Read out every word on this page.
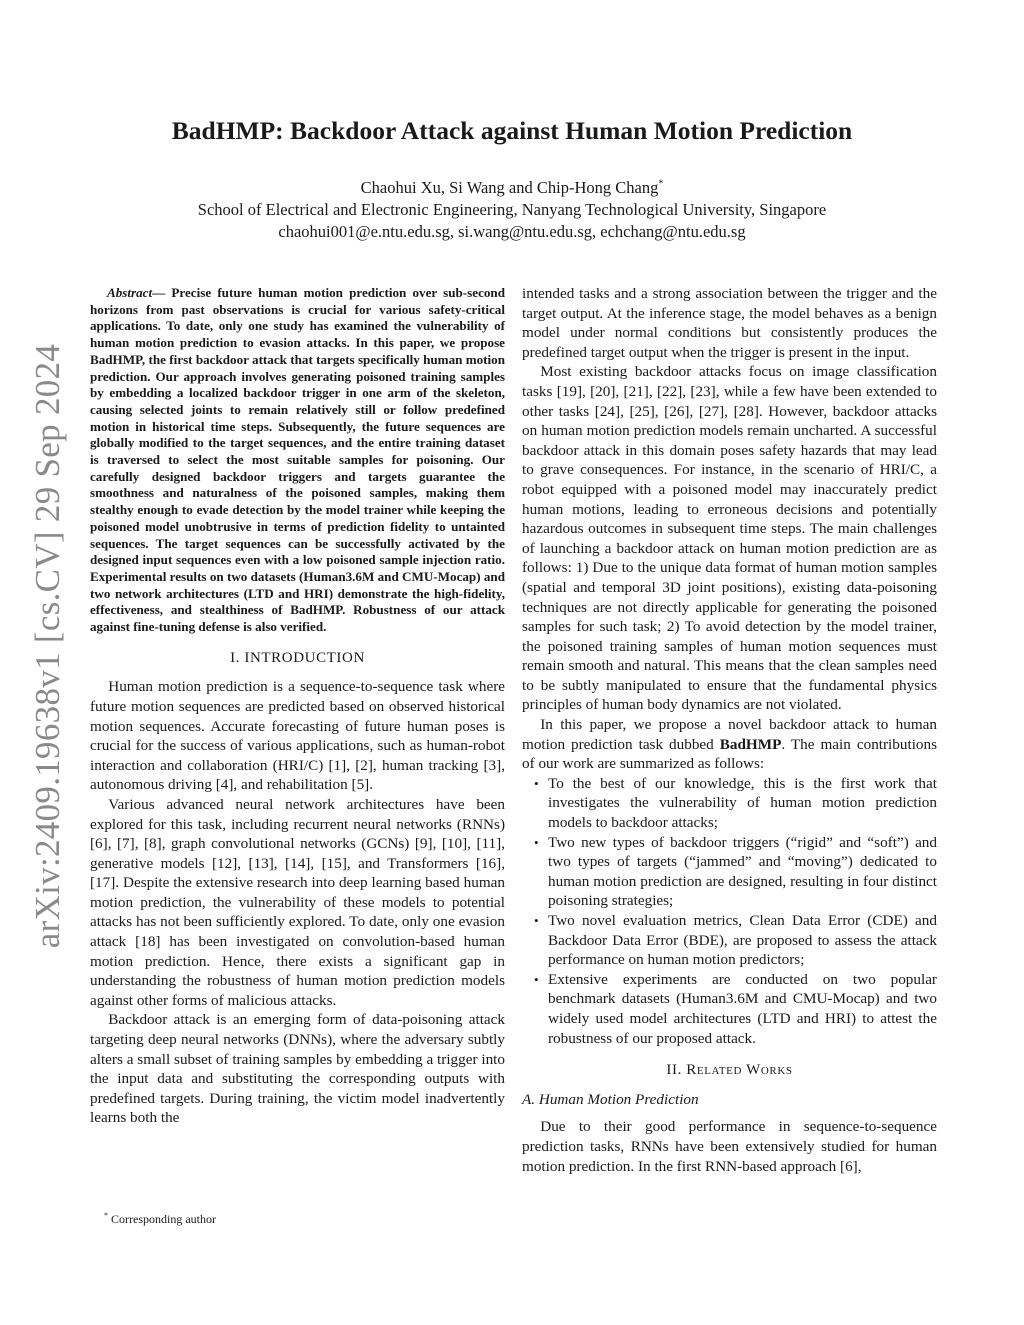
arXiv:2409.19638v1 [cs.CV] 29 Sep 2024
BadHMP: Backdoor Attack against Human Motion Prediction
Chaohui Xu, Si Wang and Chip-Hong Chang*
School of Electrical and Electronic Engineering, Nanyang Technological University, Singapore
chaohui001@e.ntu.edu.sg, si.wang@ntu.edu.sg, echchang@ntu.edu.sg

Abstract— Precise future human motion prediction over sub-second horizons from past observations is crucial for various safety-critical applications. To date, only one study has examined the vulnerability of human motion prediction to evasion attacks. In this paper, we propose BadHMP, the first backdoor attack that targets specifically human motion prediction. Our approach involves generating poisoned training samples by embedding a localized backdoor trigger in one arm of the skeleton, causing selected joints to remain relatively still or follow predefined motion in historical time steps. Subsequently, the future sequences are globally modified to the target sequences, and the entire training dataset is traversed to select the most suitable samples for poisoning. Our carefully designed backdoor triggers and targets guarantee the smoothness and naturalness of the poisoned samples, making them stealthy enough to evade detection by the model trainer while keeping the poisoned model unobtrusive in terms of prediction fidelity to untainted sequences. The target sequences can be successfully activated by the designed input sequences even with a low poisoned sample injection ratio. Experimental results on two datasets (Human3.6M and CMU-Mocap) and two network architectures (LTD and HRI) demonstrate the high-fidelity, effectiveness, and stealthiness of BadHMP. Robustness of our attack against fine-tuning defense is also verified.

I. INTRODUCTION

Human motion prediction is a sequence-to-sequence task where future motion sequences are predicted based on observed historical motion sequences. Accurate forecasting of future human poses is crucial for the success of various applications, such as human-robot interaction and collaboration (HRI/C) [1], [2], human tracking [3], autonomous driving [4], and rehabilitation [5].

Various advanced neural network architectures have been explored for this task, including recurrent neural networks (RNNs) [6], [7], [8], graph convolutional networks (GCNs) [9], [10], [11], generative models [12], [13], [14], [15], and Transformers [16], [17]. Despite the extensive research into deep learning based human motion prediction, the vulnerability of these models to potential attacks has not been sufficiently explored. To date, only one evasion attack [18] has been investigated on convolution-based human motion prediction. Hence, there exists a significant gap in understanding the robustness of human motion prediction models against other forms of malicious attacks.

Backdoor attack is an emerging form of data-poisoning attack targeting deep neural networks (DNNs), where the adversary subtly alters a small subset of training samples by embedding a trigger into the input data and substituting the corresponding outputs with predefined targets. During training, the victim model inadvertently learns both the

* Corresponding author

intended tasks and a strong association between the trigger and the target output. At the inference stage, the model behaves as a benign model under normal conditions but consistently produces the predefined target output when the trigger is present in the input.

Most existing backdoor attacks focus on image classification tasks [19], [20], [21], [22], [23], while a few have been extended to other tasks [24], [25], [26], [27], [28]. However, backdoor attacks on human motion prediction models remain uncharted. A successful backdoor attack in this domain poses safety hazards that may lead to grave consequences. For instance, in the scenario of HRI/C, a robot equipped with a poisoned model may inaccurately predict human motions, leading to erroneous decisions and potentially hazardous outcomes in subsequent time steps. The main challenges of launching a backdoor attack on human motion prediction are as follows: 1) Due to the unique data format of human motion samples (spatial and temporal 3D joint positions), existing data-poisoning techniques are not directly applicable for generating the poisoned samples for such task; 2) To avoid detection by the model trainer, the poisoned training samples of human motion sequences must remain smooth and natural. This means that the clean samples need to be subtly manipulated to ensure that the fundamental physics principles of human body dynamics are not violated.

In this paper, we propose a novel backdoor attack to human motion prediction task dubbed BadHMP. The main contributions of our work are summarized as follows:

• To the best of our knowledge, this is the first work that investigates the vulnerability of human motion prediction models to backdoor attacks;
• Two new types of backdoor triggers (“rigid” and “soft”) and two types of targets (“jammed” and “moving”) dedicated to human motion prediction are designed, resulting in four distinct poisoning strategies;
• Two novel evaluation metrics, Clean Data Error (CDE) and Backdoor Data Error (BDE), are proposed to assess the attack performance on human motion predictors;
• Extensive experiments are conducted on two popular benchmark datasets (Human3.6M and CMU-Mocap) and two widely used model architectures (LTD and HRI) to attest the robustness of our proposed attack.
II. Related Works
A. Human Motion Prediction

Due to their good performance in sequence-to-sequence prediction tasks, RNNs have been extensively studied for human motion prediction. In the first RNN-based approach [6],
